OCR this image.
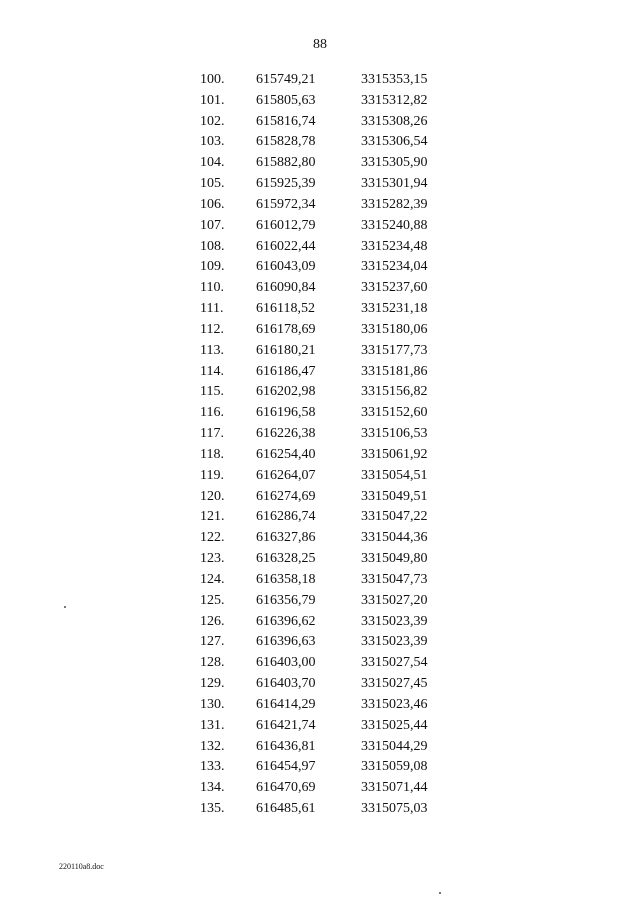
88
100. 615749,21	3315353,15
101. 615805,63	3315312,82
102. 615816,74	3315308,26
103. 615828,78	3315306,54
104. 615882,80	3315305,90
105. 615925,39	3315301,94
106. 615972,34	3315282,39
107. 616012,79	3315240,88
108. 616022,44	3315234,48
109. 616043,09	3315234,04
110. 616090,84	3315237,60
111. 616118,52	3315231,18
112. 616178,69	3315180,06
113. 616180,21	3315177,73
114. 616186,47	3315181,86
115. 616202,98	3315156,82
116. 616196,58	3315152,60
117. 616226,38	3315106,53
118. 616254,40	3315061,92
119. 616264,07	3315054,51
120. 616274,69	3315049,51
121. 616286,74	3315047,22
122. 616327,86	3315044,36
123. 616328,25	3315049,80
124. 616358,18	3315047,73
125. 616356,79	3315027,20
126. 616396,62	3315023,39
127. 616396,63	3315023,39
128. 616403,00	3315027,54
129. 616403,70	3315027,45
130. 616414,29	3315023,46
131. 616421,74	3315025,44
132. 616436,81	3315044,29
133. 616454,97	3315059,08
134. 616470,69	3315071,44
135. 616485,61	3315075,03
220110a8.doc
